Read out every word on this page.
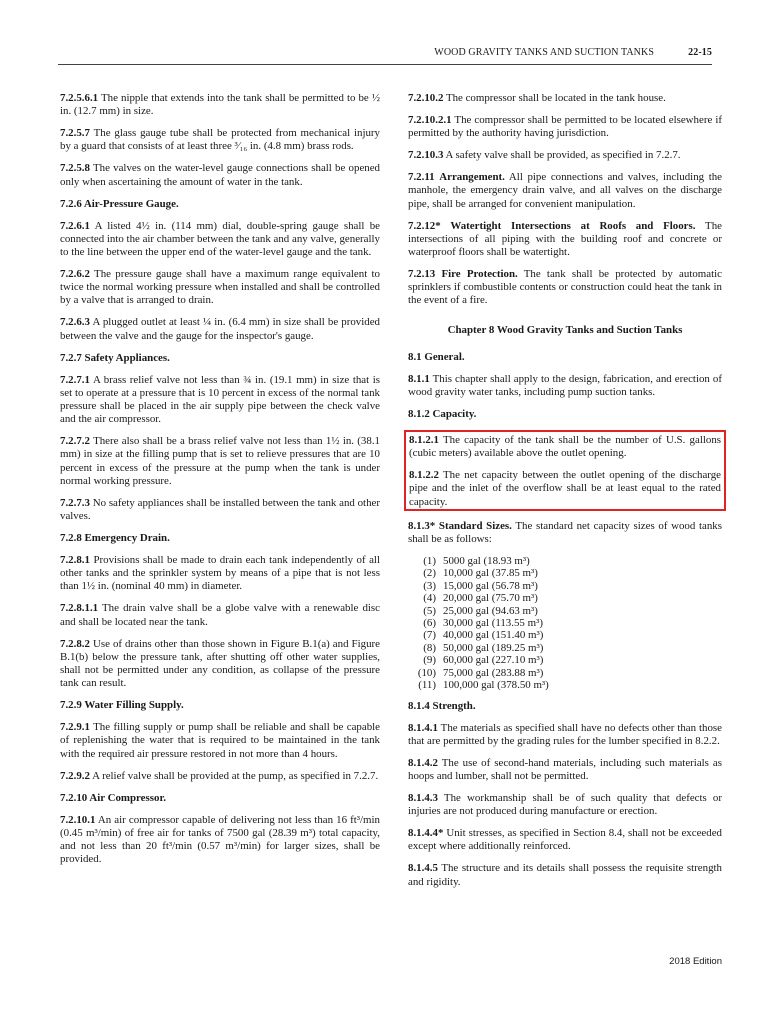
WOOD GRAVITY TANKS AND SUCTION TANKS	22-15
7.2.5.6.1 The nipple that extends into the tank shall be permitted to be ½ in. (12.7 mm) in size.
7.2.5.7 The glass gauge tube shall be protected from mechanical injury by a guard that consists of at least three ³⁄₁₆ in. (4.8 mm) brass rods.
7.2.5.8 The valves on the water-level gauge connections shall be opened only when ascertaining the amount of water in the tank.
7.2.6 Air-Pressure Gauge.
7.2.6.1 A listed 4½ in. (114 mm) dial, double-spring gauge shall be connected into the air chamber between the tank and any valve, generally to the line between the upper end of the water-level gauge and the tank.
7.2.6.2 The pressure gauge shall have a maximum range equivalent to twice the normal working pressure when installed and shall be controlled by a valve that is arranged to drain.
7.2.6.3 A plugged outlet at least ¼ in. (6.4 mm) in size shall be provided between the valve and the gauge for the inspector's gauge.
7.2.7 Safety Appliances.
7.2.7.1 A brass relief valve not less than ¾ in. (19.1 mm) in size that is set to operate at a pressure that is 10 percent in excess of the normal tank pressure shall be placed in the air supply pipe between the check valve and the air compressor.
7.2.7.2 There also shall be a brass relief valve not less than 1½ in. (38.1 mm) in size at the filling pump that is set to relieve pressures that are 10 percent in excess of the pressure at the pump when the tank is under normal working pressure.
7.2.7.3 No safety appliances shall be installed between the tank and other valves.
7.2.8 Emergency Drain.
7.2.8.1 Provisions shall be made to drain each tank independently of all other tanks and the sprinkler system by means of a pipe that is not less than 1½ in. (nominal 40 mm) in diameter.
7.2.8.1.1 The drain valve shall be a globe valve with a renewable disc and shall be located near the tank.
7.2.8.2 Use of drains other than those shown in Figure B.1(a) and Figure B.1(b) below the pressure tank, after shutting off other water supplies, shall not be permitted under any condition, as collapse of the pressure tank can result.
7.2.9 Water Filling Supply.
7.2.9.1 The filling supply or pump shall be reliable and shall be capable of replenishing the water that is required to be maintained in the tank with the required air pressure restored in not more than 4 hours.
7.2.9.2 A relief valve shall be provided at the pump, as specified in 7.2.7.
7.2.10 Air Compressor.
7.2.10.1 An air compressor capable of delivering not less than 16 ft³/min (0.45 m³/min) of free air for tanks of 7500 gal (28.39 m³) total capacity, and not less than 20 ft³/min (0.57 m³/min) for larger sizes, shall be provided.
7.2.10.2 The compressor shall be located in the tank house.
7.2.10.2.1 The compressor shall be permitted to be located elsewhere if permitted by the authority having jurisdiction.
7.2.10.3 A safety valve shall be provided, as specified in 7.2.7.
7.2.11 Arrangement. All pipe connections and valves, including the manhole, the emergency drain valve, and all valves on the discharge pipe, shall be arranged for convenient manipulation.
7.2.12* Watertight Intersections at Roofs and Floors. The intersections of all piping with the building roof and concrete or waterproof floors shall be watertight.
7.2.13 Fire Protection. The tank shall be protected by automatic sprinklers if combustible contents or construction could heat the tank in the event of a fire.
Chapter 8 Wood Gravity Tanks and Suction Tanks
8.1 General.
8.1.1 This chapter shall apply to the design, fabrication, and erection of wood gravity water tanks, including pump suction tanks.
8.1.2 Capacity.
8.1.2.1 The capacity of the tank shall be the number of U.S. gallons (cubic meters) available above the outlet opening.
8.1.2.2 The net capacity between the outlet opening of the discharge pipe and the inlet of the overflow shall be at least equal to the rated capacity.
8.1.3* Standard Sizes. The standard net capacity sizes of wood tanks shall be as follows:
(1) 5000 gal (18.93 m³)
(2) 10,000 gal (37.85 m³)
(3) 15,000 gal (56.78 m³)
(4) 20,000 gal (75.70 m³)
(5) 25,000 gal (94.63 m³)
(6) 30,000 gal (113.55 m³)
(7) 40,000 gal (151.40 m³)
(8) 50,000 gal (189.25 m³)
(9) 60,000 gal (227.10 m³)
(10) 75,000 gal (283.88 m³)
(11) 100,000 gal (378.50 m³)
8.1.4 Strength.
8.1.4.1 The materials as specified shall have no defects other than those that are permitted by the grading rules for the lumber specified in 8.2.2.
8.1.4.2 The use of second-hand materials, including such materials as hoops and lumber, shall not be permitted.
8.1.4.3 The workmanship shall be of such quality that defects or injuries are not produced during manufacture or erection.
8.1.4.4* Unit stresses, as specified in Section 8.4, shall not be exceeded except where additionally reinforced.
8.1.4.5 The structure and its details shall possess the requisite strength and rigidity.
2018 Edition
